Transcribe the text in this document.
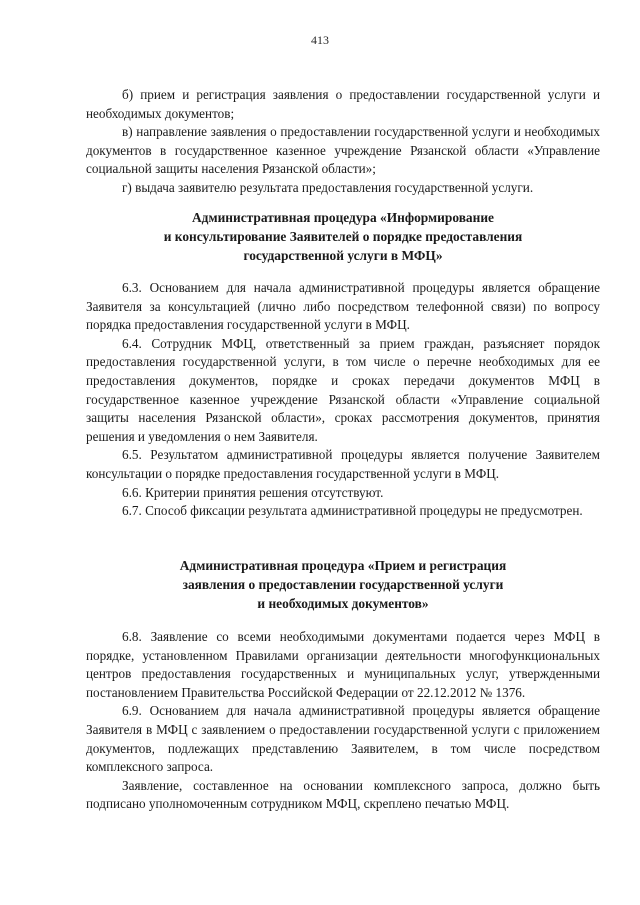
413

б) прием и регистрация заявления о предоставлении государственной услуги и необходимых документов;

в) направление заявления о предоставлении государственной услуги и необходимых документов в государственное казенное учреждение Рязанской области «Управление социальной защиты населения Рязанской области»;

г) выдача заявителю результата предоставления государственной услуги.

Административная процедура «Информирование
и консультирование Заявителей о порядке предоставления
государственной услуги в МФЦ»

6.3. Основанием для начала административной процедуры является обращение Заявителя за консультацией (лично либо посредством телефонной связи) по вопросу порядка предоставления государственной услуги в МФЦ.

6.4. Сотрудник МФЦ, ответственный за прием граждан, разъясняет порядок предоставления государственной услуги, в том числе о перечне необходимых для ее предоставления документов, порядке и сроках передачи документов МФЦ в государственное казенное учреждение Рязанской области «Управление социальной защиты населения Рязанской области», сроках рассмотрения документов, принятия решения и уведомления о нем Заявителя.

6.5. Результатом административной процедуры является получение Заявителем консультации о порядке предоставления государственной услуги в МФЦ.

6.6. Критерии принятия решения отсутствуют.

6.7. Способ фиксации результата административной процедуры не предусмотрен.

Административная процедура «Прием и регистрация
заявления о предоставлении государственной услуги
и необходимых документов»

6.8. Заявление со всеми необходимыми документами подается через МФЦ в порядке, установленном Правилами организации деятельности многофункциональных центров предоставления государственных и муниципальных услуг, утвержденными постановлением Правительства Российской Федерации от 22.12.2012 № 1376.

6.9. Основанием для начала административной процедуры является обращение Заявителя в МФЦ с заявлением о предоставлении государственной услуги с приложением документов, подлежащих представлению Заявителем, в том числе посредством комплексного запроса.

Заявление, составленное на основании комплексного запроса, должно быть подписано уполномоченным сотрудником МФЦ, скреплено печатью МФЦ.
